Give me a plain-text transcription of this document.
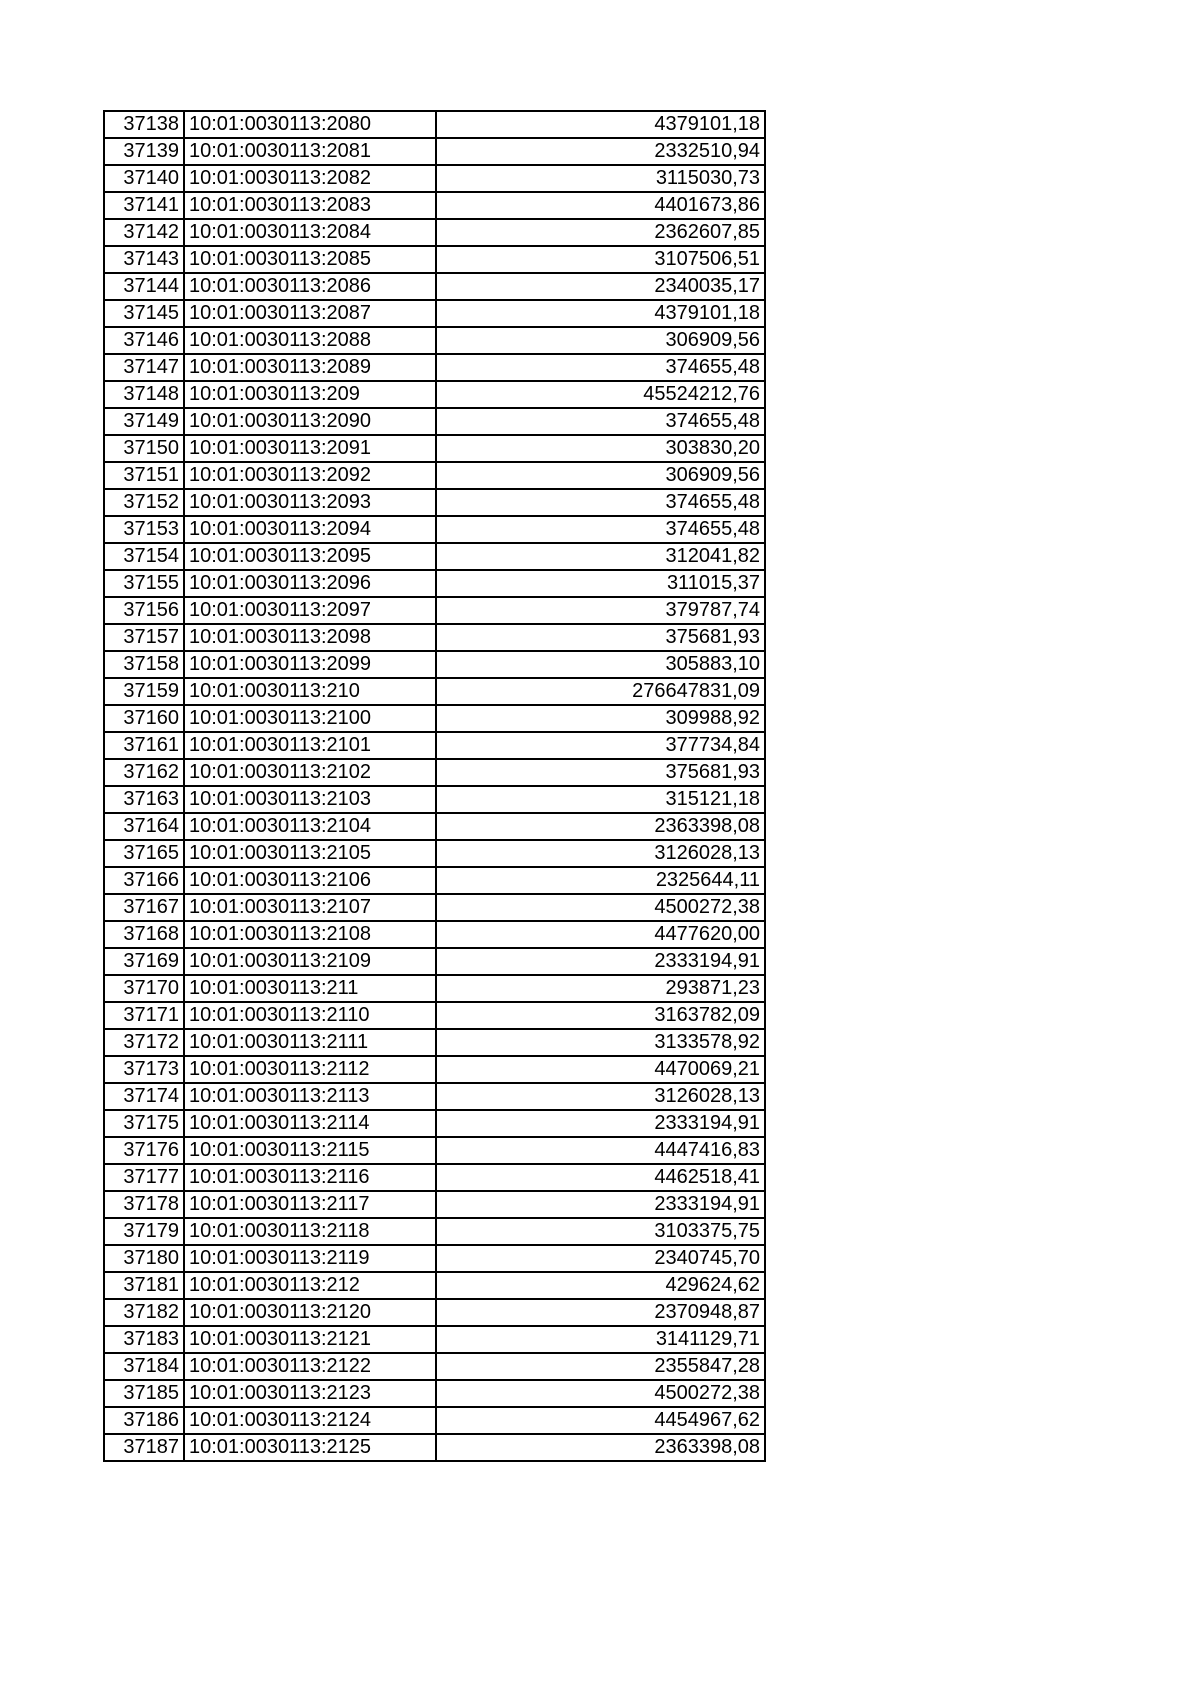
37138	10:01:0030113:2080	4379101,18
37139	10:01:0030113:2081	2332510,94
37140	10:01:0030113:2082	3115030,73
37141	10:01:0030113:2083	4401673,86
37142	10:01:0030113:2084	2362607,85
37143	10:01:0030113:2085	3107506,51
37144	10:01:0030113:2086	2340035,17
37145	10:01:0030113:2087	4379101,18
37146	10:01:0030113:2088	306909,56
37147	10:01:0030113:2089	374655,48
37148	10:01:0030113:209	45524212,76
37149	10:01:0030113:2090	374655,48
37150	10:01:0030113:2091	303830,20
37151	10:01:0030113:2092	306909,56
37152	10:01:0030113:2093	374655,48
37153	10:01:0030113:2094	374655,48
37154	10:01:0030113:2095	312041,82
37155	10:01:0030113:2096	311015,37
37156	10:01:0030113:2097	379787,74
37157	10:01:0030113:2098	375681,93
37158	10:01:0030113:2099	305883,10
37159	10:01:0030113:210	276647831,09
37160	10:01:0030113:2100	309988,92
37161	10:01:0030113:2101	377734,84
37162	10:01:0030113:2102	375681,93
37163	10:01:0030113:2103	315121,18
37164	10:01:0030113:2104	2363398,08
37165	10:01:0030113:2105	3126028,13
37166	10:01:0030113:2106	2325644,11
37167	10:01:0030113:2107	4500272,38
37168	10:01:0030113:2108	4477620,00
37169	10:01:0030113:2109	2333194,91
37170	10:01:0030113:211	293871,23
37171	10:01:0030113:2110	3163782,09
37172	10:01:0030113:2111	3133578,92
37173	10:01:0030113:2112	4470069,21
37174	10:01:0030113:2113	3126028,13
37175	10:01:0030113:2114	2333194,91
37176	10:01:0030113:2115	4447416,83
37177	10:01:0030113:2116	4462518,41
37178	10:01:0030113:2117	2333194,91
37179	10:01:0030113:2118	3103375,75
37180	10:01:0030113:2119	2340745,70
37181	10:01:0030113:212	429624,62
37182	10:01:0030113:2120	2370948,87
37183	10:01:0030113:2121	3141129,71
37184	10:01:0030113:2122	2355847,28
37185	10:01:0030113:2123	4500272,38
37186	10:01:0030113:2124	4454967,62
37187	10:01:0030113:2125	2363398,08
